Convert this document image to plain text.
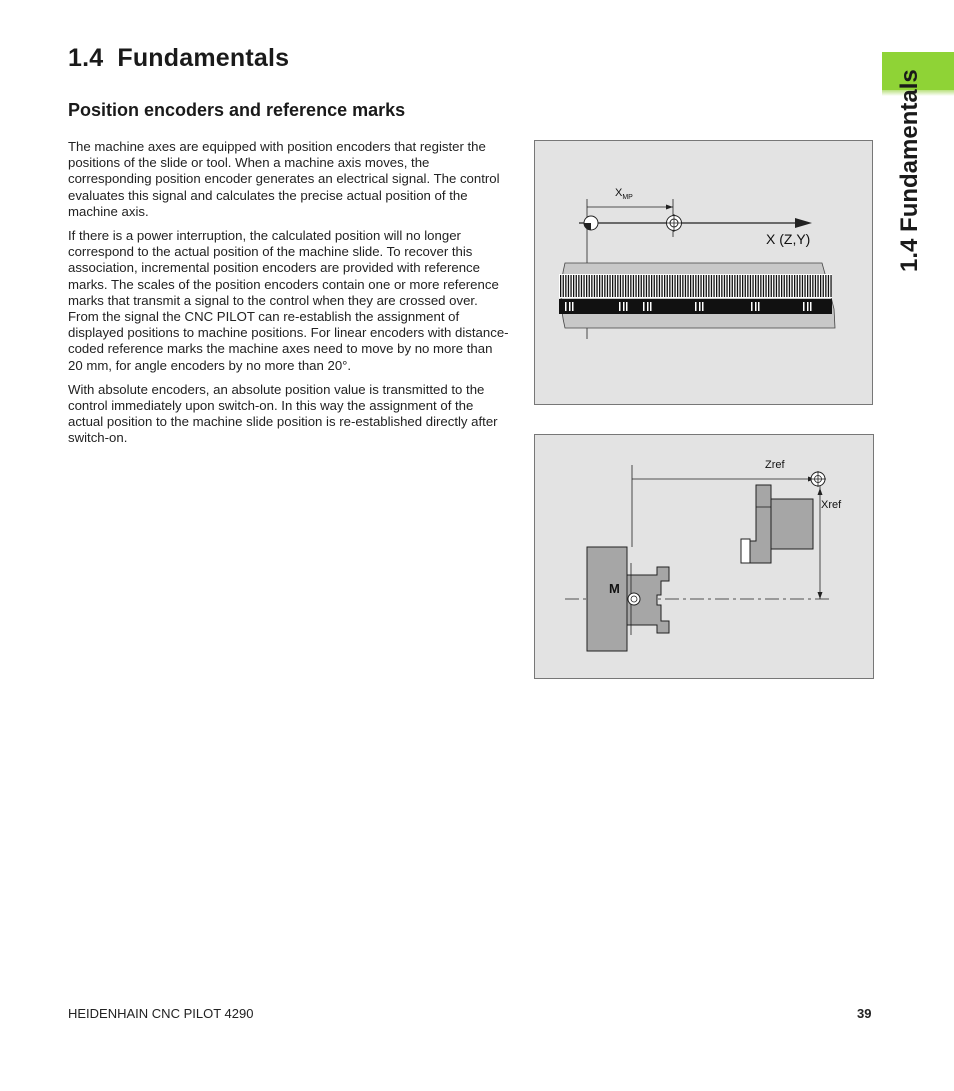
1.4 Fundamentals
1.4 Fundamentals
Position encoders and reference marks

The machine axes are equipped with position encoders that register the positions of the slide or tool. When a machine axis moves, the corresponding position encoder generates an electrical signal. The control evaluates this signal and calculates the precise actual position of the machine axis.

If there is a power interruption, the calculated position will no longer correspond to the actual position of the machine slide. To recover this association, incremental position encoders are provided with reference marks. The scales of the position encoders contain one or more reference marks that transmit a signal to the control when they are crossed over. From the signal the CNC PILOT can re-establish the assignment of displayed positions to machine positions. For linear encoders with distance-coded reference marks the machine axes need to move by no more than 20 mm, for angle encoders by no more than 20°.

With absolute encoders, an absolute position value is transmitted to the control immediately upon switch-on. In this way the assignment of the actual position to the machine slide position is re-established directly after switch-on.

$X_{MP}$
X (Z,Y)
Zref
Xref
M
HEIDENHAIN CNC PILOT 4290	39
